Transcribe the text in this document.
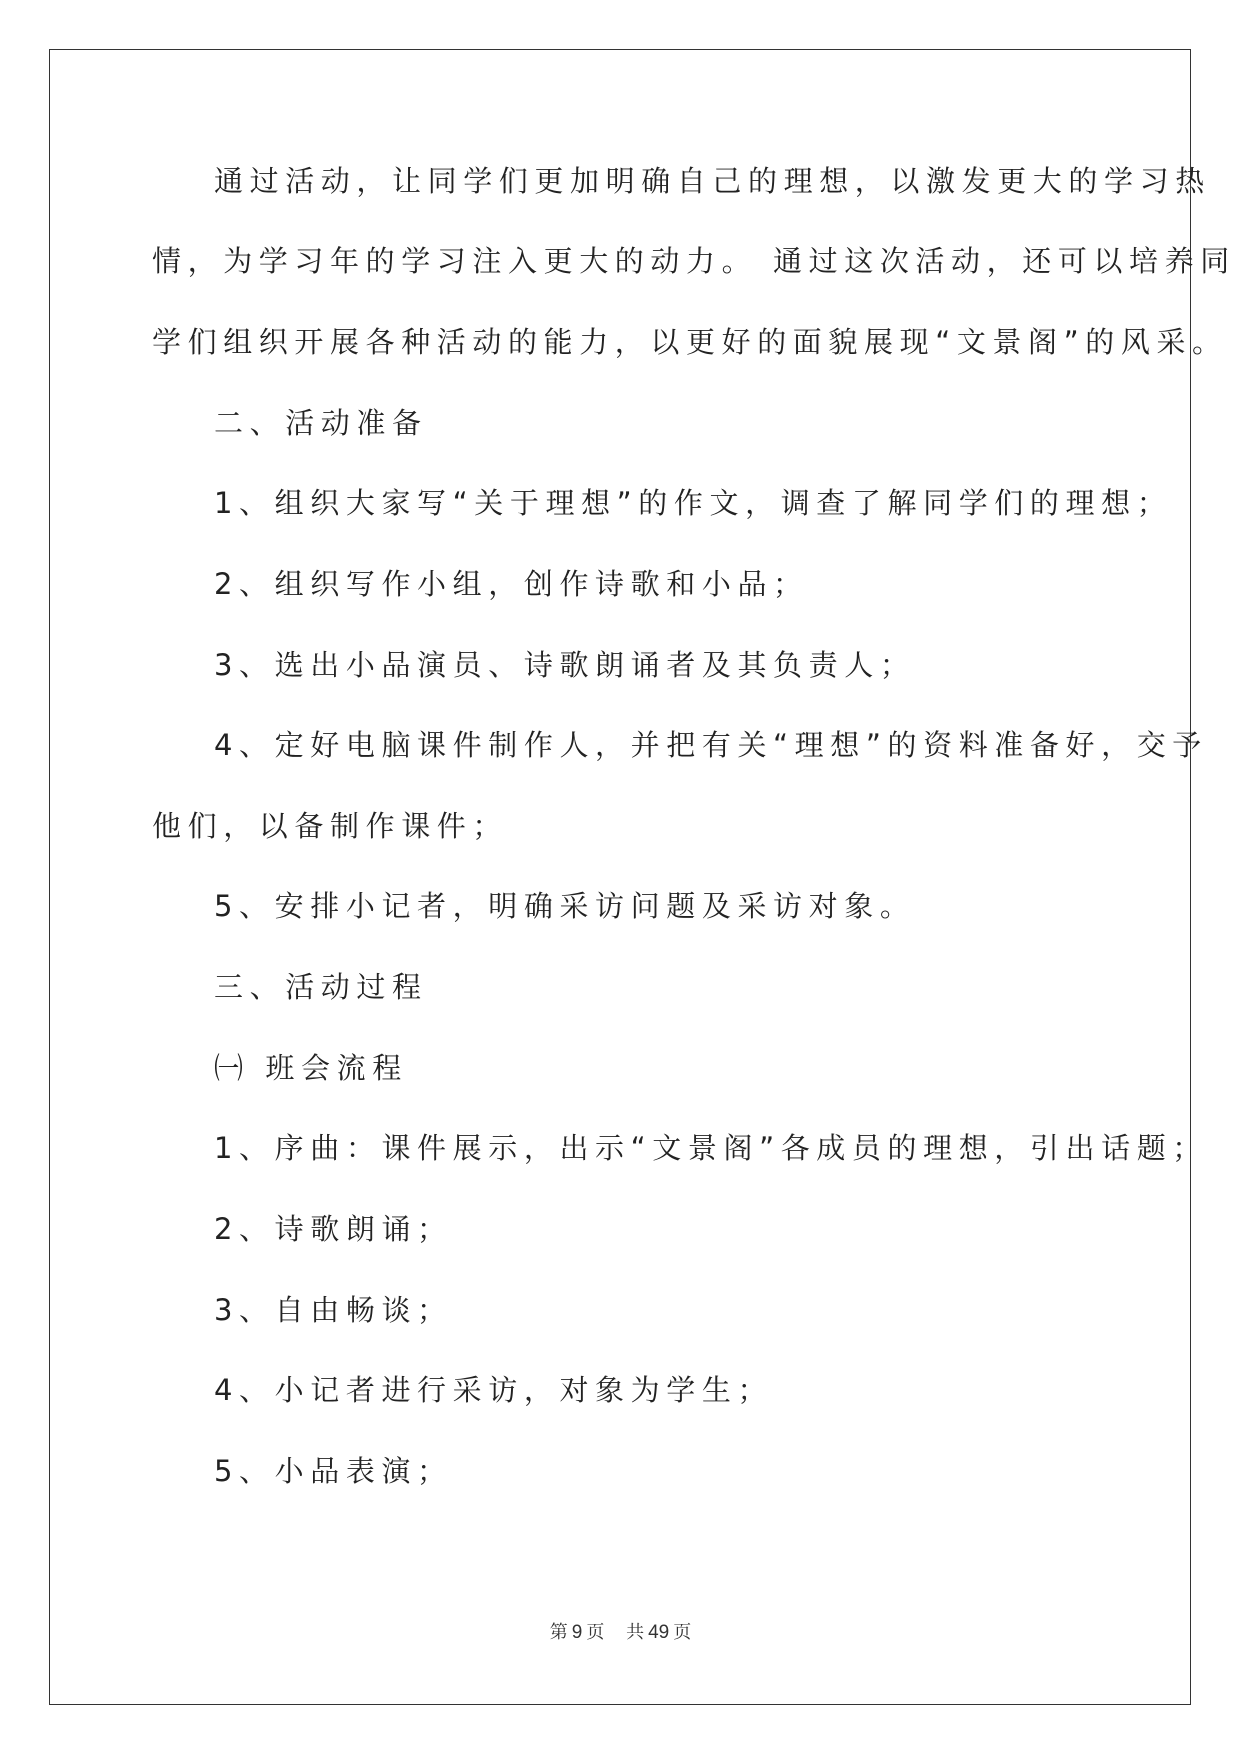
通过活动，让同学们更加明确自己的理想，以激发更大的学习热
情，为学习年的学习注入更大的动力。 通过这次活动，还可以培养同
学们组织开展各种活动的能力，以更好的面貌展现“文景阁”的风采。
二、活动准备
1、组织大家写“关于理想”的作文，调查了解同学们的理想；
2、组织写作小组，创作诗歌和小品；
3、选出小品演员、诗歌朗诵者及其负责人；
4、定好电脑课件制作人，并把有关“理想”的资料准备好，交予
他们，以备制作课件；
5、安排小记者，明确采访问题及采访对象。
三、活动过程
㈠ 班会流程
1、序曲：课件展示，出示“文景阁”各成员的理想，引出话题；
2、诗歌朗诵；
3、自由畅谈；
4、小记者进行采访，对象为学生；
5、小品表演；
第 9 页 共 49 页
